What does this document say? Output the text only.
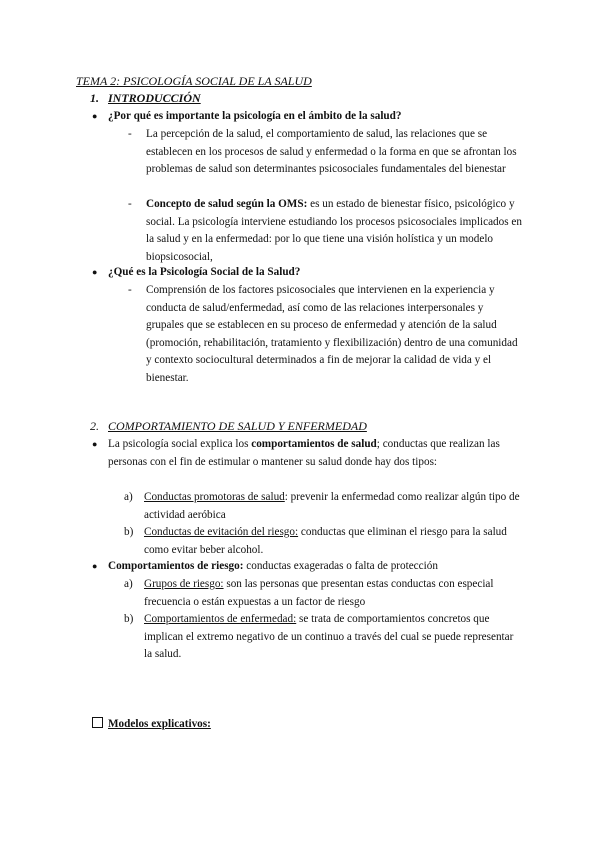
TEMA 2: PSICOLOGÍA SOCIAL DE LA SALUD
1. INTRODUCCIÓN
● ¿Por qué es importante la psicología en el ámbito de la salud?
- La percepción de la salud, el comportamiento de salud, las relaciones que se establecen en los procesos de salud y enfermedad o la forma en que se afrontan los problemas de salud son determinantes psicosociales fundamentales del bienestar
- Concepto de salud según la OMS: es un estado de bienestar físico, psicológico y social. La psicología interviene estudiando los procesos psicosociales implicados en la salud y en la enfermedad: por lo que tiene una visión holística y un modelo biopsicosocial,
● ¿Qué es la Psicología Social de la Salud?
- Comprensión de los factores psicosociales que intervienen en la experiencia y conducta de salud/enfermedad, así como de las relaciones interpersonales y grupales que se establecen en su proceso de enfermedad y atención de la salud (promoción, rehabilitación, tratamiento y flexibilización) dentro de una comunidad y contexto sociocultural determinados a fin de mejorar la calidad de vida y el bienestar.
2. COMPORTAMIENTO DE SALUD Y ENFERMEDAD
● La psicología social explica los comportamientos de salud; conductas que realizan las personas con el fin de estimular o mantener su salud donde hay dos tipos:
a) Conductas promotoras de salud: prevenir la enfermedad como realizar algún tipo de actividad aeróbica
b) Conductas de evitación del riesgo: conductas que eliminan el riesgo para la salud como evitar beber alcohol.
● Comportamientos de riesgo: conductas exageradas o falta de protección
a) Grupos de riesgo: son las personas que presentan estas conductas con especial frecuencia o están expuestas a un factor de riesgo
b) Comportamientos de enfermedad: se trata de comportamientos concretos que implican el extremo negativo de un continuo a través del cual se puede representar la salud.
Modelos explicativos:
